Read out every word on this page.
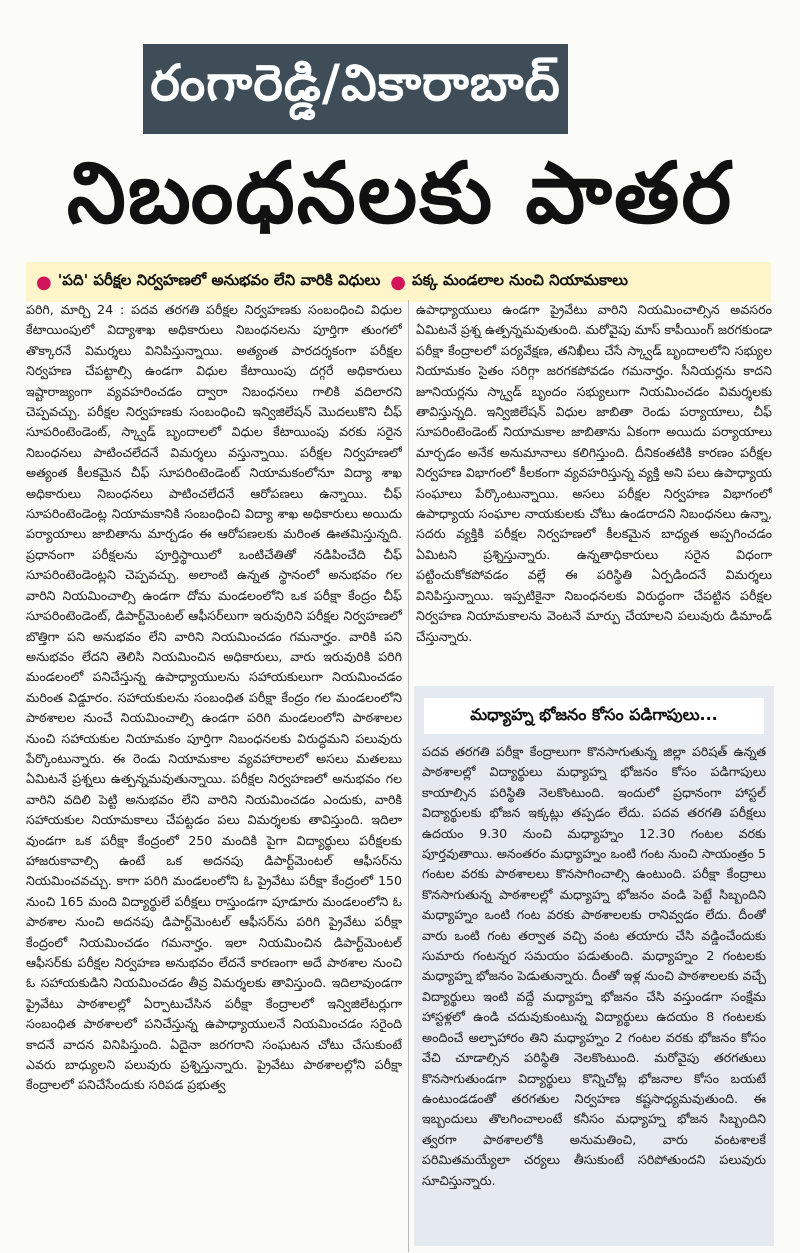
రంగారెడ్డి/వికారాబాద్
నిబంధనలకు పాతర
● 'పది' పరీక్షల నిర్వహణలో అనుభవం లేని వారికి విధులు ● పక్క మండలాల నుంచి నియామకాలు

పరిగి, మార్చి 24 : పదవ తరగతి పరీక్షల నిర్వహణకు సంబంధించి విధుల కేటాయింపులో విద్యాశాఖ అధికారులు నిబంధనలను పూర్తిగా తుంగలో తొక్కారనే విమర్శలు వినిపిస్తున్నాయి. అత్యంత పారదర్శకంగా పరీక్షల నిర్వహణ చేపట్టాల్సి ఉండగా విధుల కేటాయింపు దగ్గరే అధికారులు ఇష్టారాజ్యంగా వ్యవహరించడం ద్వారా నిబంధనలు గాలికి వదిలారని చెప్పవచ్చు. పరీక్షల నిర్వహణకు సంబంధించి ఇన్విజిలేషన్ మొదలుకొని చీఫ్ సూపరింటెండెంట్, స్క్వాడ్ బృందాలలో విధుల కేటాయింపు వరకు సరైన నిబంధనలు పాటించలేదనే విమర్శలు వస్తున్నాయి. పరీక్షల నిర్వహణలో అత్యంత కీలకమైన చీఫ్ సూపరింటెండెంట్ నియామకంలోనూ విద్యా శాఖ అధికారులు నిబంధనలు పాటించలేదనే ఆరోపణలు ఉన్నాయి. చీఫ్ సూపరింటెండెంట్ల నియామకానికి సంబంధించి విద్యా శాఖ అధికారులు అయిదు పర్యాయాలు జాబితాను మార్చడం ఈ ఆరోపణలకు మరింత ఊతమిస్తున్నది. ప్రధానంగా పరీక్షలను పూర్తిస్థాయిలో ఒంటిచేతితో నడిపించేది చీఫ్ సూపరింటెండెంట్లని చెప్పవచ్చు. అలాంటి ఉన్నత స్థానంలో అనుభవం గల వారిని నియమించాల్సి ఉండగా దోమ మండలంలోని ఒక పరీక్షా కేంద్రం చీఫ్ సూపరింటెండెంట్, డిపార్ట్‌మెంటల్ ఆఫీసర్‌లుగా ఇరువురిని పరీక్షల నిర్వహణలో బొత్తిగా పని అనుభవం లేని వారిని నియమించడం గమనార్హం. వారికి పని అనుభవం లేదని తెలిసి నియమించిన అధికారులు, వారు ఇరువురికి పరిగి మండలంలో పనిచేస్తున్న ఉపాధ్యాయులను సహాయకులుగా నియమించడం మరింత విడ్డూరం. సహాయకులను సంబంధిత పరీక్షా కేంద్రం గల మండలంలోని పాఠశాలల నుంచే నియమించాల్సి ఉండగా పరిగి మండలంలోని పాఠశాలల నుంచి సహాయకుల నియామకం పూర్తిగా నిబంధనలకు విరుద్ధమని పలువురు పేర్కొంటున్నారు. ఈ రెండు నియామకాల వ్యవహారాలలో అసలు మతలబు ఏమిటనే ప్రశ్నలు ఉత్పన్నమవుతున్నాయి. పరీక్షల నిర్వహణలో అనుభవం గల వారిని వదిలి పెట్టి అనుభవం లేని వారిని నియమించడం ఎందుకు, వారికి సహాయకుల నియామకాలు చేపట్టడం పలు విమర్శలకు తావిస్తుంది. ఇదిలా వుండగా ఒక పరీక్షా కేంద్రంలో 250 మందికి పైగా విద్యార్థులు పరీక్షలకు హాజరుకావాల్సి ఉంటే ఒక అదనపు డిపార్ట్‌మెంటల్ ఆఫీసర్‌ను నియమించవచ్చు. కాగా పరిగి మండలంలోని ఓ ప్రైవేటు పరీక్షా కేంద్రంలో 150 నుంచి 165 మంది విద్యార్థులే పరీక్షలు రాస్తుండగా పూడూరు మండలంలోని ఓ పాఠశాల నుంచి అదనపు డిపార్ట్‌మెంటల్ ఆఫీసర్‌ను పరిగి ప్రైవేటు పరీక్షా కేంద్రంలో నియమించడం గమనార్హం. ఇలా నియమించిన డిపార్ట్‌మెంటల్ ఆఫీసర్‌కు పరీక్షల నిర్వహణ అనుభవం లేదనే కారణంగా అదే పాఠశాల నుంచి ఓ సహాయకుడిని నియమించడం తీవ్ర విమర్శలకు తావిస్తుంది. ఇదిలావుండగా ప్రైవేటు పాఠశాలల్లో ఏర్పాటుచేసిన పరీక్షా కేంద్రాలలో ఇన్విజిలేటర్లుగా సంబంధిత పాఠశాలలో పనిచేస్తున్న ఉపాధ్యాయులనే నియమించడం సరైంది కాదనే వాదన వినిపిస్తుంది. ఏదైనా జరగరాని సంఘటన చోటు చేసుకుంటే ఎవరు బాధ్యులని పలువురు ప్రశ్నిస్తున్నారు. ప్రైవేటు పాఠశాలల్లోని పరీక్షా కేంద్రాలలో పనిచేసేందుకు సరిపడ ప్రభుత్వ

ఉపాధ్యాయులు ఉండగా ప్రైవేటు వారిని నియమించాల్సిన అవసరం ఏమిటనే ప్రశ్న ఉత్పన్నమవుతుంది. మరోవైపు మాస్ కాపీయింగ్ జరగకుండా పరీక్షా కేంద్రాలలో పర్యవేక్షణ, తనిఖీలు చేసే స్క్వాడ్ బృందాలలోని సభ్యుల నియామకం సైతం సరిగ్గా జరగకపోవడం గమనార్హం. సీనియర్లను కాదని జూనియర్లను స్క్వాడ్ బృందం సభ్యులుగా నియమించడం విమర్శలకు తావిస్తున్నది. ఇన్విజిలేషన్ విధుల జాబితా రెండు పర్యాయాలు, చీఫ్ సూపరింటెండెంట్ నియామకాల జాబితాను ఏకంగా అయిదు పర్యాయాలు మార్చడం అనేక అనుమానాలు కలిగిస్తుంది. దీనికంతటికి కారణం పరీక్షల నిర్వహణ విభాగంలో కీలకంగా వ్యవహరిస్తున్న వ్యక్తి అని పలు ఉపాధ్యాయ సంఘాలు పేర్కొంటున్నాయి. అసలు పరీక్షల నిర్వహణ విభాగంలో ఉపాధ్యాయ సంఘాల నాయకులకు చోటు ఉండరాదని నిబంధనలు ఉన్నా, సదరు వ్యక్తికి పరీక్షల నిర్వహణలో కీలకమైన బాధ్యత అప్పగించడం ఏమిటని ప్రశ్నిస్తున్నారు. ఉన్నతాధికారులు సరైన విధంగా పట్టించుకోకపోవడం వల్లే ఈ పరిస్థితి ఏర్పడిందనే విమర్శలు వినిపిస్తున్నాయి. ఇప్పటికైనా నిబంధనలకు విరుద్ధంగా చేపట్టిన పరీక్షల నిర్వహణ నియామకాలను వెంటనే మార్పు చేయాలని పలువురు డిమాండ్ చేస్తున్నారు.

మధ్యాహ్న భోజనం కోసం పడిగాపులు...

పదవ తరగతి పరీక్షా కేంద్రాలుగా కొనసాగుతున్న జిల్లా పరిషత్ ఉన్నత పాఠశాలల్లో విద్యార్థులు మధ్యాహ్న భోజనం కోసం పడిగాపులు కాయాల్సిన పరిస్థితి నెలకొంటుంది. ఇందులో ప్రధానంగా హాస్టల్ విద్యార్థులకు భోజన ఇక్కట్లు తప్పడం లేదు. పదవ తరగతి పరీక్షలు ఉదయం 9.30 నుంచి మధ్యాహ్నం 12.30 గంటల వరకు పూర్తవుతాయి. అనంతరం మధ్యాహ్నం ఒంటి గంట నుంచి సాయంత్రం 5 గంటల వరకు పాఠశాలలు కొనసాగించాల్సి ఉంటుంది. పరీక్షా కేంద్రాలు కొనసాగుతున్న పాఠశాలల్లో మధ్యాహ్న భోజనం వండి పెట్టే సిబ్బందిని మధ్యాహ్నం ఒంటి గంట వరకు పాఠశాలలకు రానివ్వడం లేదు. దీంతో వారు ఒంటి గంట తర్వాత వచ్చి వంట తయారు చేసి వడ్డించేందుకు సుమారు గంటన్నర సమయం పడుతుంది. మధ్యాహ్నం 2 గంటలకు మధ్యాహ్న భోజనం పెడుతున్నారు. దీంతో ఇళ్ల నుంచి పాఠశాలలకు వచ్చే విద్యార్థులు ఇంటి వద్దే మధ్యాహ్న భోజనం చేసి వస్తుండగా సంక్షేమ హాస్టళ్లలో ఉండి చదువుకుంటున్న విద్యార్థులు ఉదయం 8 గంటలకు అందించే అల్పాహారం తిని మధ్యాహ్నం 2 గంటల వరకు భోజనం కోసం వేచి చూడాల్సిన పరిస్థితి నెలకొంటుంది. మరోవైపు తరగతులు కొనసాగుతుండగా విద్యార్థులు కొన్నిచోట్ల భోజనాల కోసం బయటే ఉంటుండడంతో తరగతుల నిర్వహణ కష్టసాధ్యమవుతుంది. ఈ ఇబ్బందులు తొలగించాలంటే కనీసం మధ్యాహ్న భోజన సిబ్బందిని త్వరగా పాఠశాలలోకి అనుమతించి, వారు వంటశాలకే పరిమితమయ్యేలా చర్యలు తీసుకుంటే సరిపోతుందని పలువురు సూచిస్తున్నారు.
